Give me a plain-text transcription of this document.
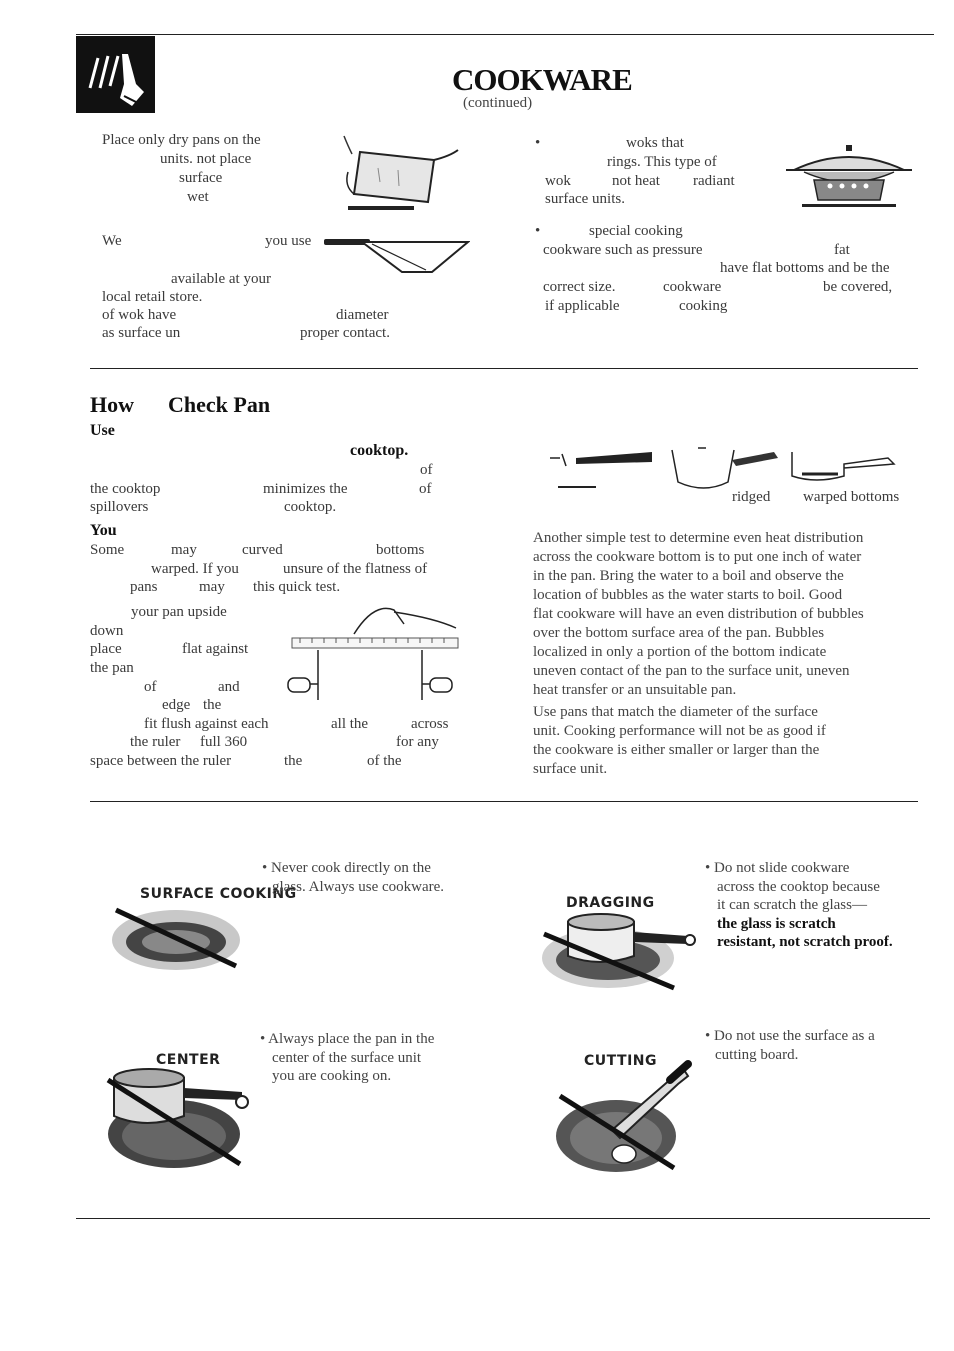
COOKWARE
(continued)
Place only dry pans on the
units. not place
surface
wet
We	you use
available at your
local retail store.
of wok have	diameter
as surface un	proper contact.
•	woks that
rings. This type of
wok	not heat radiant
surface units.
•	special cooking
cookware such as pressure	fat
have flat bottoms and be the
correct size.	cookware	be covered,
if applicable	cooking
How Check Pan
Use
cooktop.
of
the cooktop	minimizes the	of
spillovers	cooktop.
You
Some	may	curved	bottoms
warped. If you	unsure of the flatness of
pans	may this quick test.
your pan upside
down
place	flat against
the pan
of	and
edge the
fit flush against each	all the	across
the ruler full 360	for any
space between the ruler	the	of the
ridged warped bottoms
Another simple test to determine even heat distribution
across the cookware bottom is to put one inch of water
in the pan. Bring the water to a boil and observe the
location of bubbles as the water starts to boil. Good
flat cookware will have an even distribution of bubbles
over the bottom surface area of the pan. Bubbles
localized in only a portion of the bottom indicate
uneven contact of the pan to the surface unit, uneven
heat transfer or an unsuitable pan.
Use pans that match the diameter of the surface
unit. Cooking performance will not be as good if
the cookware is either smaller or larger than the
surface unit.
SURFACE COOKING
• Never cook directly on the
glass. Always use cookware.
DRAGGING
• Do not slide cookware
across the cooktop because
it can scratch the glass—
the glass is scratch
resistant, not scratch proof.
CENTER
• Always place the pan in the
center of the surface unit
you are cooking on.
CUTTING
• Do not use the surface as a
cutting board.
